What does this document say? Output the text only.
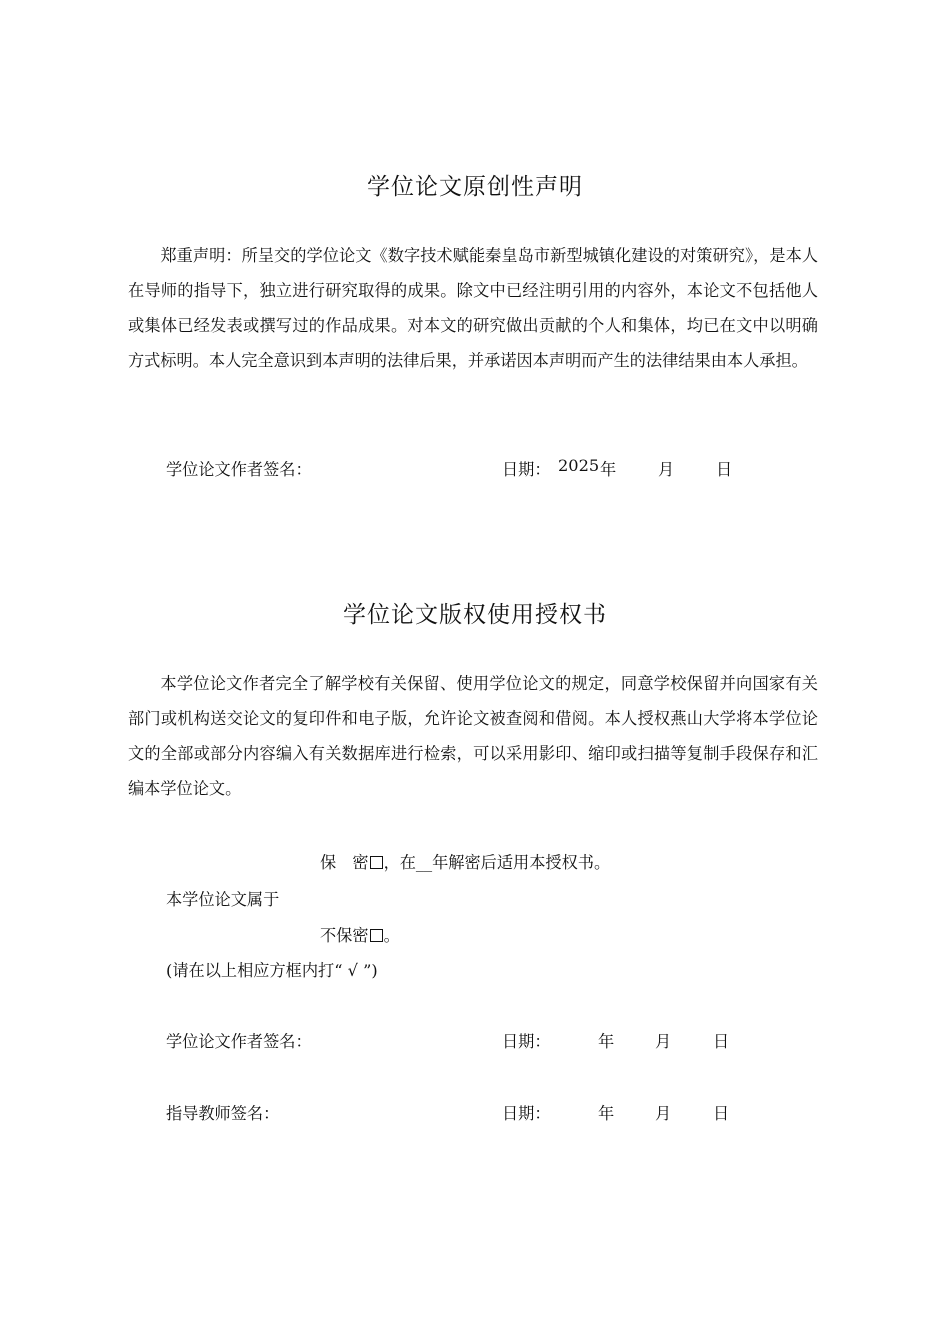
学位论文原创性声明

郑重声明：所呈交的学位论文《数字技术赋能秦皇岛市新型城镇化建设的对策研究》，是本人在导师的指导下，独立进行研究取得的成果。除文中已经注明引用的内容外，本论文不包括他人或集体已经发表或撰写过的作品成果。对本文的研究做出贡献的个人和集体，均已在文中以明确方式标明。本人完全意识到本声明的法律后果，并承诺因本声明而产生的法律结果由本人承担。

学位论文作者签名：	日期： 2025 年	月	日
学位论文版权使用授权书

本学位论文作者完全了解学校有关保留、使用学位论文的规定，同意学校保留并向国家有关部门或机构送交论文的复印件和电子版，允许论文被查阅和借阅。本人授权燕山大学将本学位论文的全部或部分内容编入有关数据库进行检索，可以采用影印、缩印或扫描等复制手段保存和汇编本学位论文。

保　密 ，在__年解密后适用本授权书。
本学位论文属于
不保密 。
(请在以上相应方框内打“ √ ”)
学位论文作者签名：	日期：	年	月	日
指导教师签名：	日期：	年	月	日
